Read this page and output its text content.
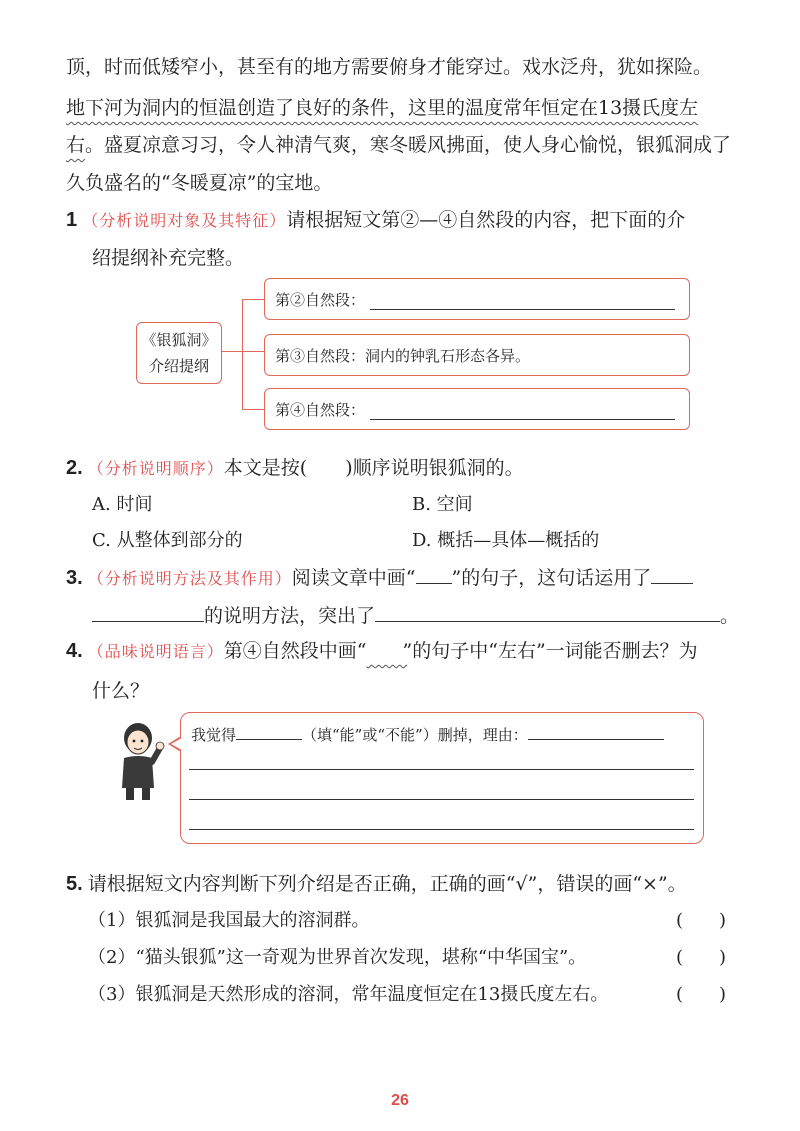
顶，时而低矮窄小，甚至有的地方需要俯身才能穿过。戏水泛舟，犹如探险。
地下河为洞内的恒温创造了良好的条件，这里的温度常年恒定在13摄氏度左
右。盛夏凉意习习，令人神清气爽，寒冬暖风拂面，使人身心愉悦，银狐洞成了
久负盛名的“冬暖夏凉”的宝地。
1 （分析说明对象及其特征）请根据短文第②—④自然段的内容，把下面的介
绍提纲补充完整。
《银狐洞》
介绍提纲
第②自然段：
第③自然段：洞内的钟乳石形态各异。
第④自然段：
2. （分析说明顺序）本文是按(　　)顺序说明银狐洞的。
A. 时间	B. 空间
C. 从整体到部分的	D. 概括—具体—概括的
3. （分析说明方法及其作用）阅读文章中画“ ”的句子，这句话运用了
的说明方法，突出了	。
4. （品味说明语言）第④自然段中画“​        ”的句子中“左右”一词能否删去？为
什么？
我觉得	（填“能”或“不能”）删掉，理由：
5. 请根据短文内容判断下列介绍是否正确，正确的画“√”，错误的画“×”。
（1）银狐洞是我国最大的溶洞群。	(　　)
（2）“猫头银狐”这一奇观为世界首次发现，堪称“中华国宝”。	(　　)
（3）银狐洞是天然形成的溶洞，常年温度恒定在13摄氏度左右。	(　　)
26
